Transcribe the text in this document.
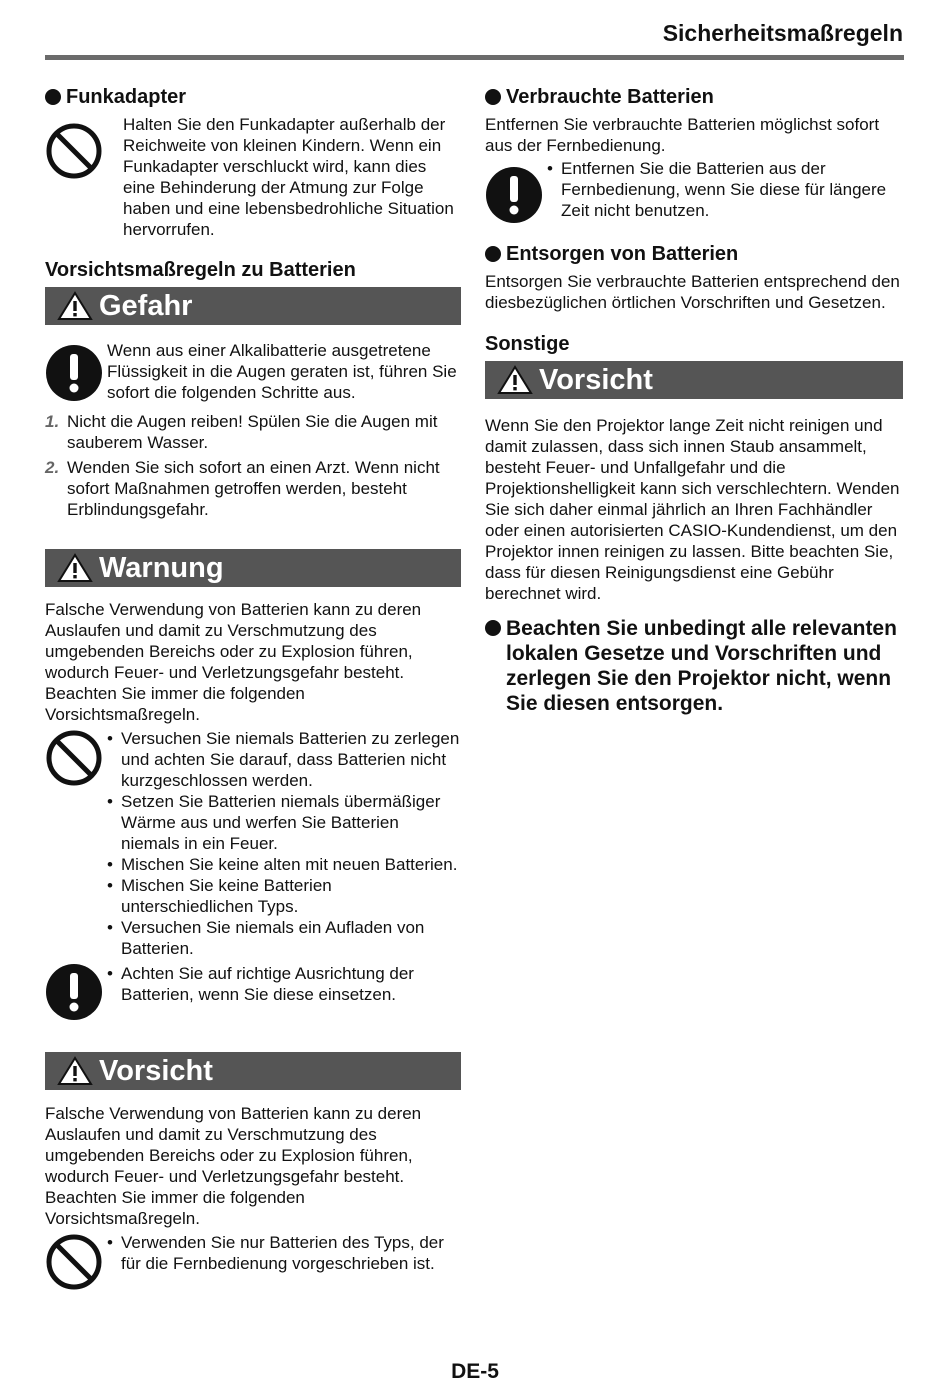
Sicherheitsmaßregeln
Funkadapter
Halten Sie den Funkadapter außerhalb der Reichweite von kleinen Kindern. Wenn ein Funkadapter verschluckt wird, kann dies eine Behinderung der Atmung zur Folge haben und eine lebensbedrohliche Situation hervorrufen.
Vorsichtsmaßregeln zu Batterien
Gefahr
Wenn aus einer Alkalibatterie ausgetretene Flüssigkeit in die Augen geraten ist, führen Sie sofort die folgenden Schritte aus.
1. Nicht die Augen reiben! Spülen Sie die Augen mit sauberem Wasser.
2. Wenden Sie sich sofort an einen Arzt. Wenn nicht sofort Maßnahmen getroffen werden, besteht Erblindungsgefahr.
Warnung
Falsche Verwendung von Batterien kann zu deren Auslaufen und damit zu Verschmutzung des umgebenden Bereichs oder zu Explosion führen, wodurch Feuer- und Verletzungsgefahr besteht. Beachten Sie immer die folgenden Vorsichtsmaßregeln.
• Versuchen Sie niemals Batterien zu zerlegen und achten Sie darauf, dass Batterien nicht kurzgeschlossen werden.
• Setzen Sie Batterien niemals übermäßiger Wärme aus und werfen Sie Batterien niemals in ein Feuer.
• Mischen Sie keine alten mit neuen Batterien.
• Mischen Sie keine Batterien unterschiedlichen Typs.
• Versuchen Sie niemals ein Aufladen von Batterien.
• Achten Sie auf richtige Ausrichtung der Batterien, wenn Sie diese einsetzen.
Vorsicht
Falsche Verwendung von Batterien kann zu deren Auslaufen und damit zu Verschmutzung des umgebenden Bereichs oder zu Explosion führen, wodurch Feuer- und Verletzungsgefahr besteht. Beachten Sie immer die folgenden Vorsichtsmaßregeln.
• Verwenden Sie nur Batterien des Typs, der für die Fernbedienung vorgeschrieben ist.
Verbrauchte Batterien
Entfernen Sie verbrauchte Batterien möglichst sofort aus der Fernbedienung.
• Entfernen Sie die Batterien aus der Fernbedienung, wenn Sie diese für längere Zeit nicht benutzen.
Entsorgen von Batterien
Entsorgen Sie verbrauchte Batterien entsprechend den diesbezüglichen örtlichen Vorschriften und Gesetzen.
Sonstige
Vorsicht
Wenn Sie den Projektor lange Zeit nicht reinigen und damit zulassen, dass sich innen Staub ansammelt, besteht Feuer- und Unfallgefahr und die Projektionshelligkeit kann sich verschlechtern. Wenden Sie sich daher einmal jährlich an Ihren Fachhändler oder einen autorisierten CASIO-Kundendienst, um den Projektor innen reinigen zu lassen. Bitte beachten Sie, dass für diesen Reinigungsdienst eine Gebühr berechnet wird.
Beachten Sie unbedingt alle relevanten lokalen Gesetze und Vorschriften und zerlegen Sie den Projektor nicht, wenn Sie diesen entsorgen.
DE-5
